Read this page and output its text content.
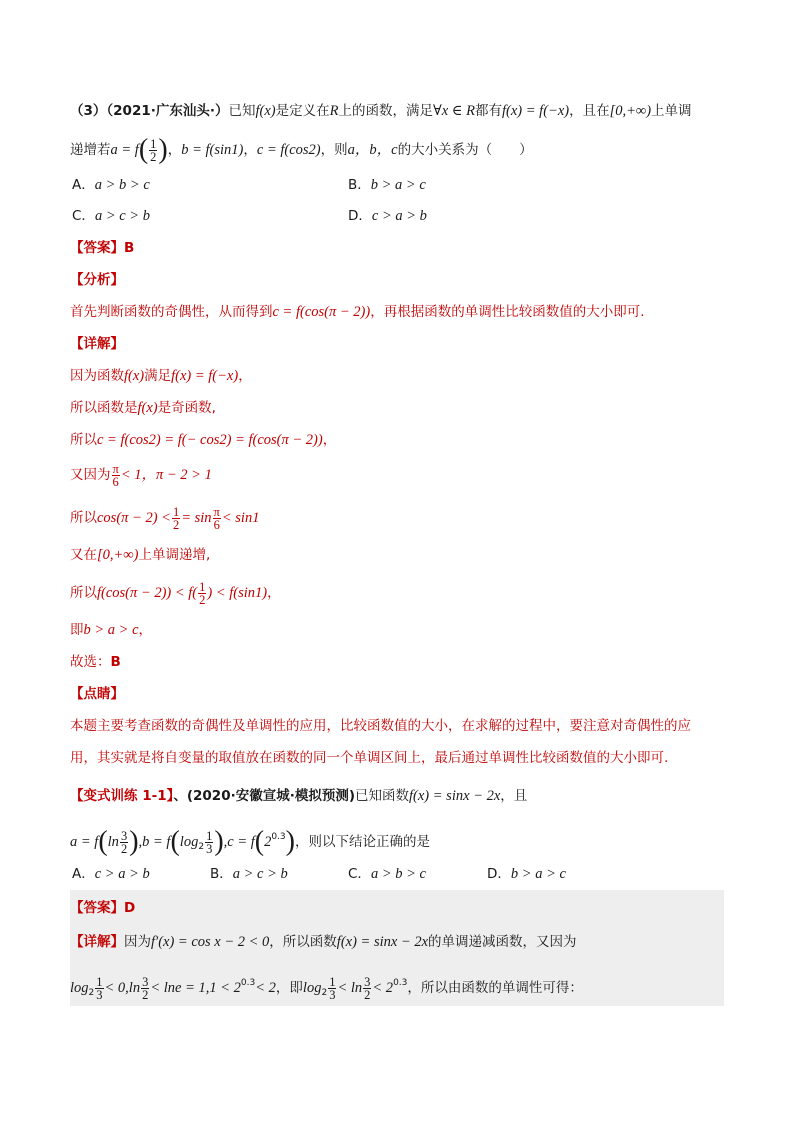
（3）（2021·广东汕头·）已知f(x)是定义在R上的函数，满足∀x ∈ R都有f(x) = f(−x)，且在[0,+∞)上单调
递增若$a = f( \frac{1}{2}$ )，b = f(sin1)，c = f(cos2)，则a，b，c的大小关系为（　　）
A．a > b > c	B．b > a > c
C．a > c > b	D．c > a > b
【答案】B
【分析】
首先判断函数的奇偶性，从而得到c = f(cos(π − 2))，再根据函数的单调性比较函数值的大小即可.
【详解】
因为函数f(x)满足f(x) = f(−x)，
所以函数是f(x)是奇函数,
所以c = f(cos2) = f(− cos2) = f(cos(π − 2))，
又因为 $\frac{\pi}{6} < 1$，π − 2 > 1
所以$\cos(\pi - 2) < \frac{1}{2} = \sin \frac{\pi}{6} < \sin 1$
又在[0,+∞)上单调递增,
所以$f(\cos(\pi - 2)) < f( \frac{1}{2}$ ) < f(sin1)，
即b > a > c，
故选：B
【点睛】
本题主要考查函数的奇偶性及单调性的应用，比较函数值的大小，在求解的过程中，要注意对奇偶性的应
用，其实就是将自变量的取值放在函数的同一个单调区间上，最后通过单调性比较函数值的大小即可.
【变式训练 1-1】、(2020·安徽宣城·模拟预测)已知函数f(x) = sinx − 2x，且
$a = f(\ln \frac{3}{2} ),b = f(\log_2 \frac{1}{3} ),c = f(2^{0.3})$，则以下结论正确的是
A．c > a > b	B．a > c > b	C．a > b > c	D．b > a > c
【答案】D
【详解】因为f′(x) = cos x − 2 < 0，所以函数f(x) = sinx − 2x的单调递减函数，又因为
$\log_2 \frac{1}{3} < 0,\ln \frac{3}{2} < \ln e = 1,1 < 2^{0.3}< 2$，即$\log_2 \frac{1}{3} < \ln \frac{3}{2} < 2^{0.3}$，所以由函数的单调性可得：
